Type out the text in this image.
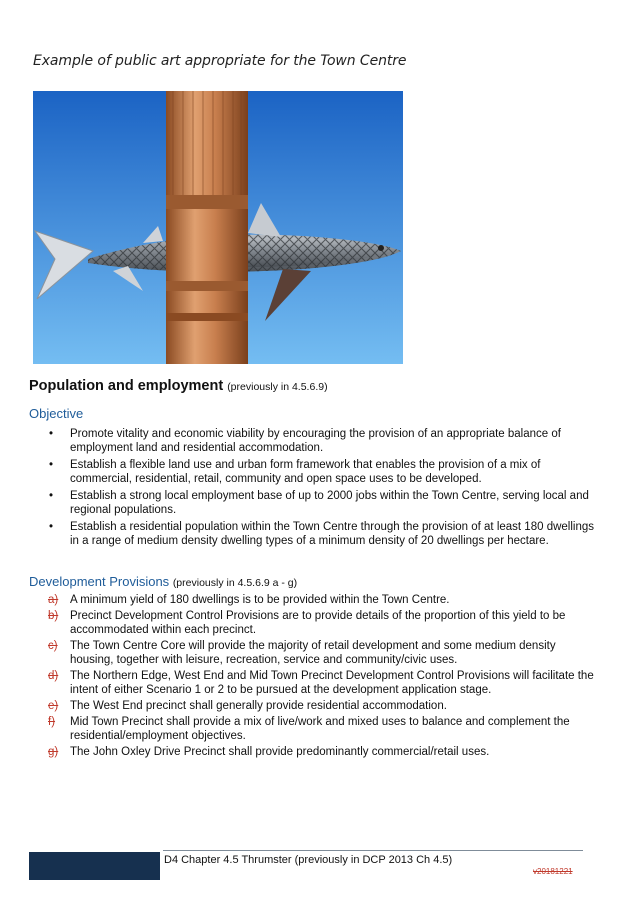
Example of public art appropriate for the Town Centre
Population and employment (previously in 4.5.6.9)
Objective
• Promote vitality and economic viability by encouraging the provision of an appropriate balance of employment land and residential accommodation.
• Establish a flexible land use and urban form framework that enables the provision of a mix of commercial, residential, retail, community and open space uses to be developed.
• Establish a strong local employment base of up to 2000 jobs within the Town Centre, serving local and regional populations.
• Establish a residential population within the Town Centre through the provision of at least 180 dwellings in a range of medium density dwelling types of a minimum density of 20 dwellings per hectare.
Development Provisions (previously in 4.5.6.9 a - g)
a) A minimum yield of 180 dwellings is to be provided within the Town Centre.
b) Precinct Development Control Provisions are to provide details of the proportion of this yield to be accommodated within each precinct.
c) The Town Centre Core will provide the majority of retail development and some medium density housing, together with leisure, recreation, service and community/civic uses.
d) The Northern Edge, West End and Mid Town Precinct Development Control Provisions will facilitate the intent of either Scenario 1 or 2 to be pursued at the development application stage.
e) The West End precinct shall generally provide residential accommodation.
f) Mid Town Precinct shall provide a mix of live/work and mixed uses to balance and complement the residential/employment objectives.
g) The John Oxley Drive Precinct shall provide predominantly commercial/retail uses.
D4 Chapter 4.5 Thrumster (previously in DCP 2013 Ch 4.5)
v20181221
